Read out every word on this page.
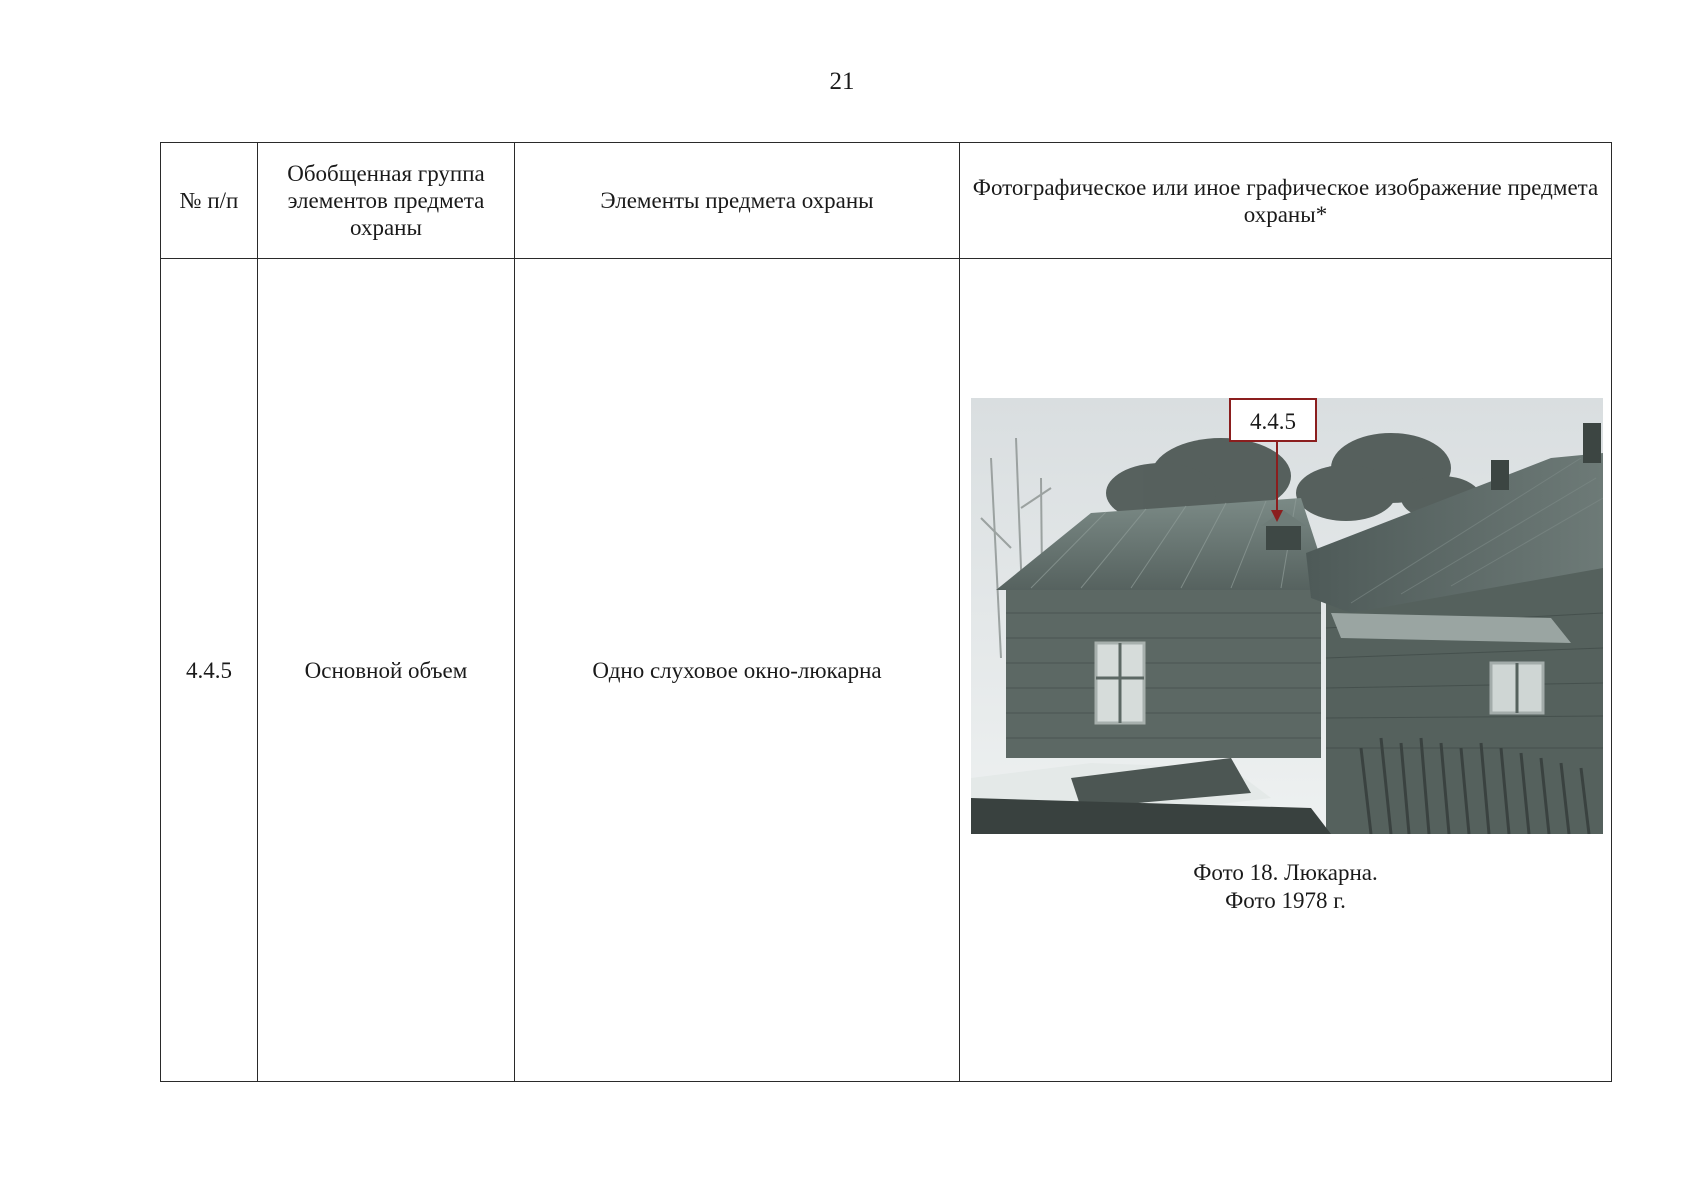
21
№ п/п	Обобщенная группа элементов предмета охраны	Элементы предмета охраны	Фотографическое или иное графическое изображение предмета охраны*
4.4.5	Основной объем	Одно слуховое окно-люкарна	4.4.5
Фото 18. Люкарна.
Фото 1978 г.
